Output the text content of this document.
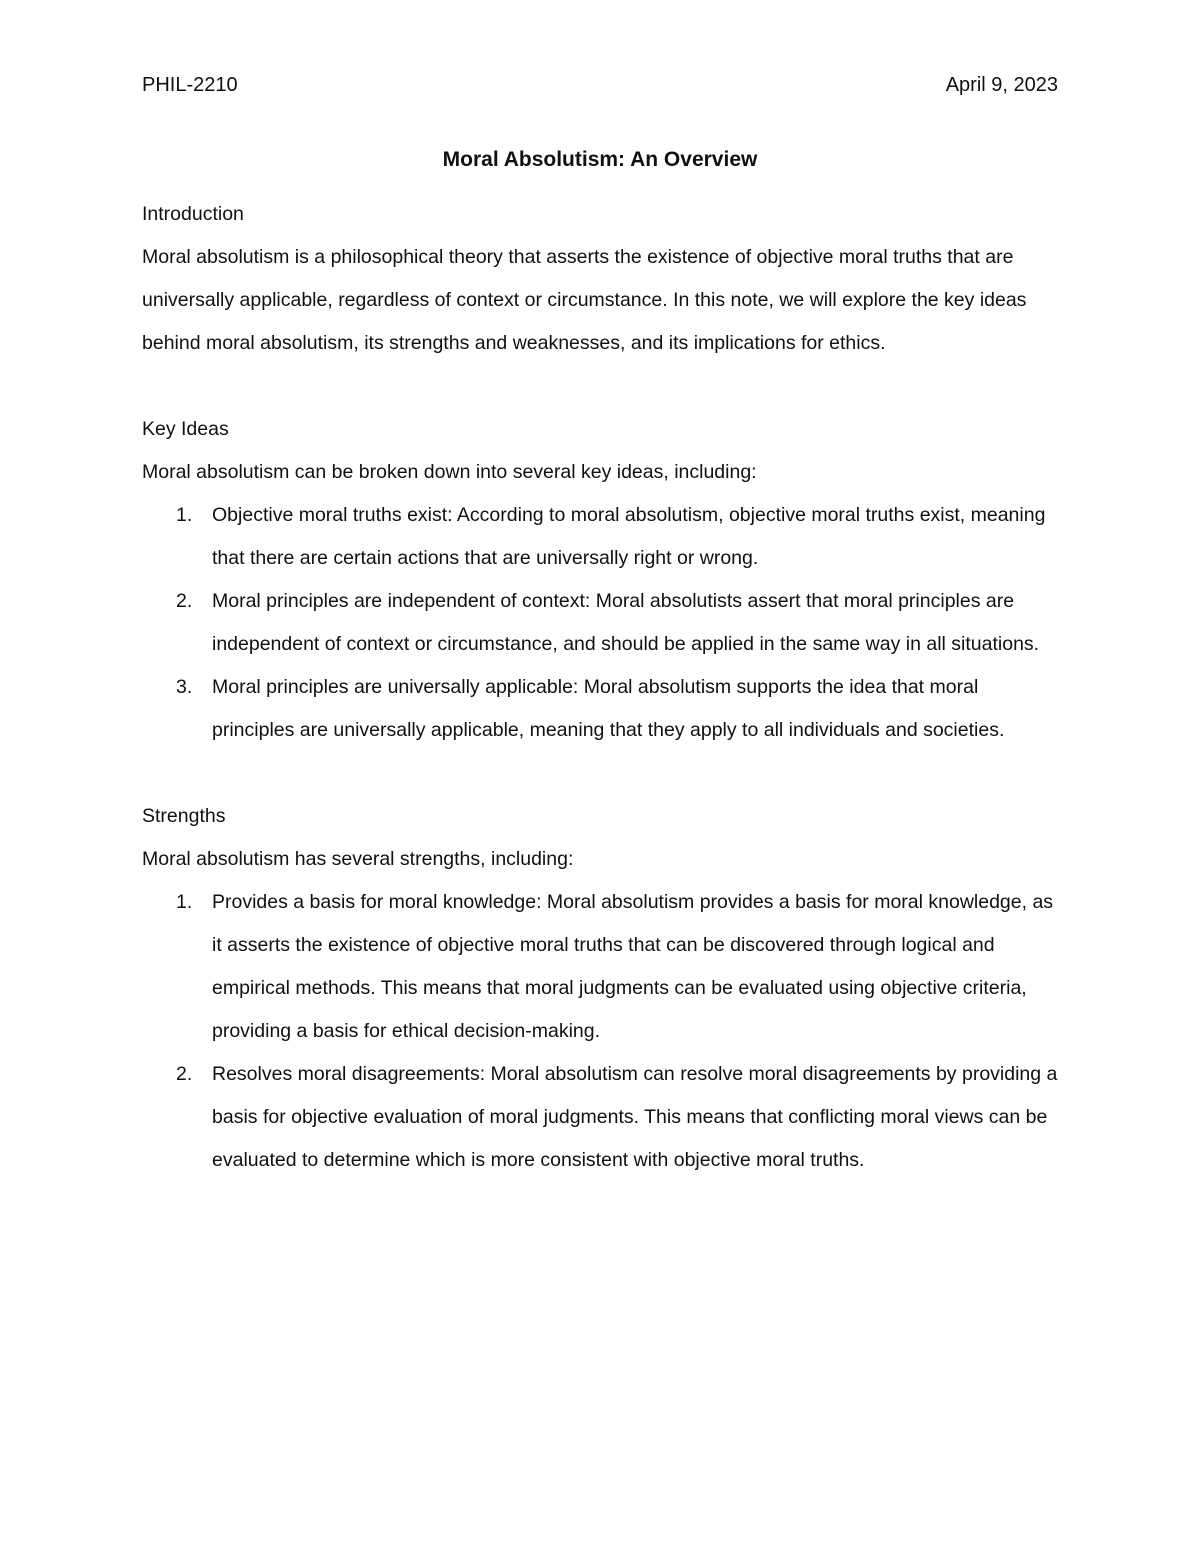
PHIL-2210	April 9, 2023
Moral Absolutism: An Overview

Introduction

Moral absolutism is a philosophical theory that asserts the existence of objective moral truths that are universally applicable, regardless of context or circumstance. In this note, we will explore the key ideas behind moral absolutism, its strengths and weaknesses, and its implications for ethics.

Key Ideas

Moral absolutism can be broken down into several key ideas, including:

1. Objective moral truths exist: According to moral absolutism, objective moral truths exist, meaning that there are certain actions that are universally right or wrong.
2. Moral principles are independent of context: Moral absolutists assert that moral principles are independent of context or circumstance, and should be applied in the same way in all situations.
3. Moral principles are universally applicable: Moral absolutism supports the idea that moral principles are universally applicable, meaning that they apply to all individuals and societies.

Strengths

Moral absolutism has several strengths, including:

1. Provides a basis for moral knowledge: Moral absolutism provides a basis for moral knowledge, as it asserts the existence of objective moral truths that can be discovered through logical and empirical methods. This means that moral judgments can be evaluated using objective criteria, providing a basis for ethical decision-making.
2. Resolves moral disagreements: Moral absolutism can resolve moral disagreements by providing a basis for objective evaluation of moral judgments. This means that conflicting moral views can be evaluated to determine which is more consistent with objective moral truths.
